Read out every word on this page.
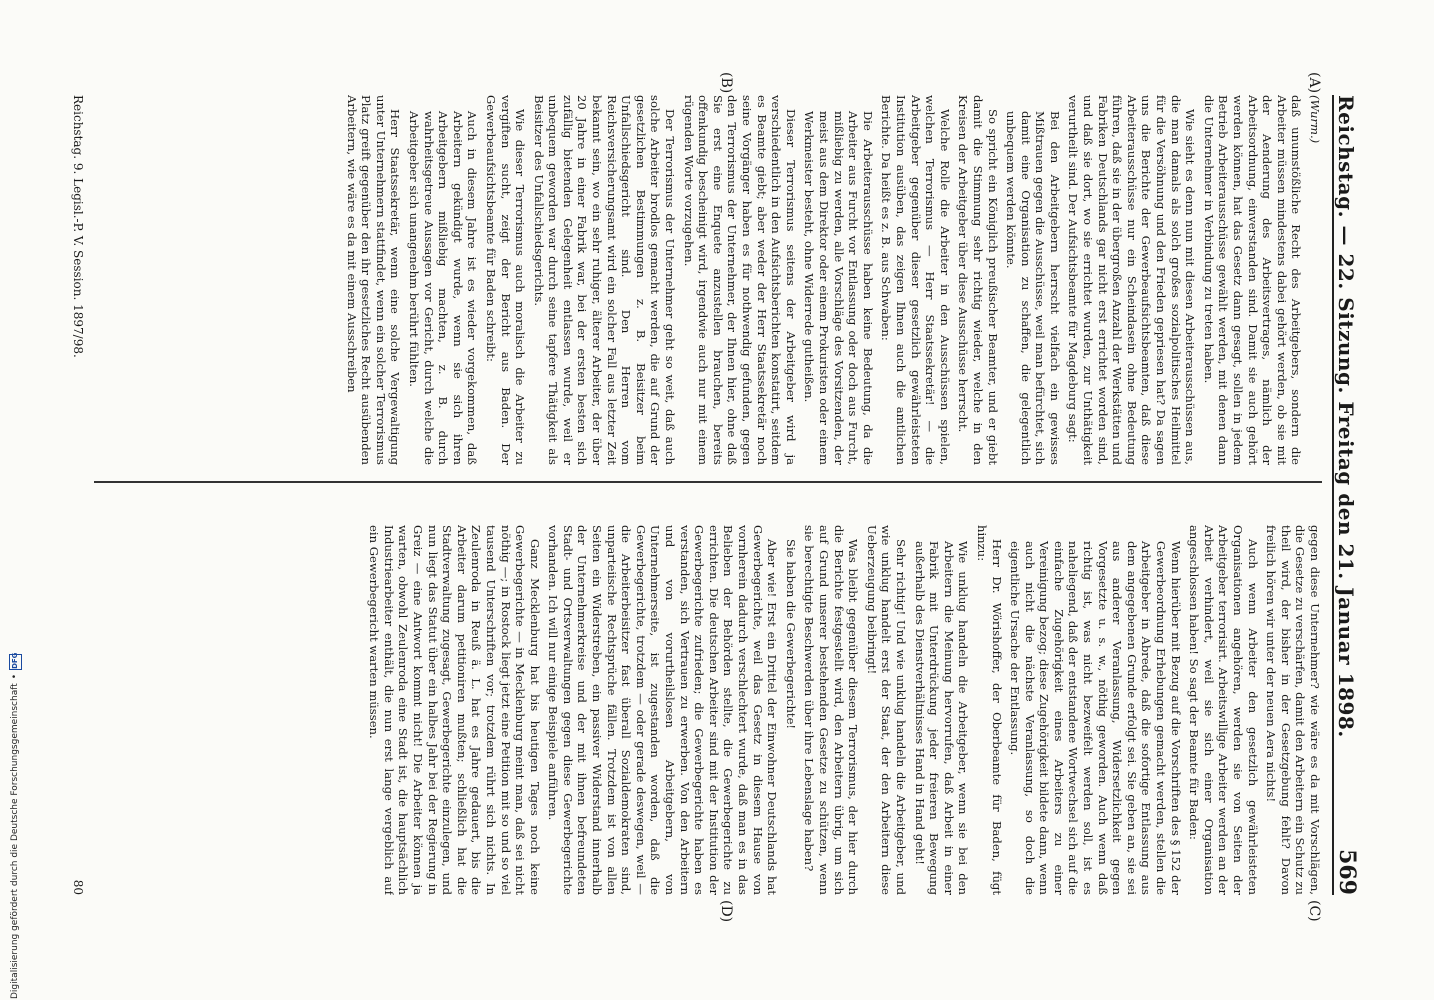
Reichstag. — 22. Sitzung. Freitag den 21. Januar 1898.
569
(A)
(B)
(C)
(D)

(Wurm.)

daß unumstößliche Recht des Arbeitgebers, sondern die Arbeiter müssen mindestens dabei gehört werden, ob sie mit der Aenderung des Arbeitsvertrages, nämlich der Arbeitsordnung, einverstanden sind. Damit sie auch gehört werden können, hat das Gesetz dann gesagt, sollen in jedem Betrieb Arbeiterausschüsse gewählt werden, mit denen dann die Unternehmer in Verbindung zu treten haben.

Wie sieht es denn nun mit diesen Arbeiterausschüssen aus, die man damals als solch großes sozialpolitisches Heilmittel für die Versöhnung und den Frieden gepriesen hat? Da sagen uns die Berichte der Gewerbeaufsichtsbeamten, daß diese Arbeiterausschüsse nur ein Scheindasein ohne Bedeutung führen, daß sie in der übergroßen Anzahl der Werkstätten und Fabriken Deutschlands gar nicht erst errichtet worden sind, und daß sie dort, wo sie errichtet wurden, zur Unthätigkeit verurtheilt sind. Der Aufsichtsbeamte für Magdeburg sagt:

Bei den Arbeitgebern herrscht vielfach ein gewisses Mißtrauen gegen die Ausschüsse, weil man befürchtet, sich damit eine Organisation zu schaffen, die gelegentlich unbequem werden könnte.

So spricht ein Königlich preußischer Beamter, und er giebt damit die Stimmung sehr richtig wieder, welche in den Kreisen der Arbeitgeber über diese Ausschüsse herrscht.

Welche Rolle die Arbeiter in den Ausschüssen spielen, welchen Terrorismus — Herr Staatssekretär! — die Arbeitgeber gegenüber dieser gesetzlich gewährleisteten Institution ausüben, das zeigen Ihnen auch die amtlichen Berichte. Da heißt es z. B. aus Schwaben:

Die Arbeiterausschüsse haben keine Bedeutung, da die Arbeiter aus Furcht vor Entlassung oder doch aus Furcht, mißliebig zu werden, alle Vorschläge des Vorsitzenden, der meist aus dem Direktor oder einem Prokuristen oder einem Werkmeister besteht, ohne Widerrede gutheißen.

Dieser Terrorismus seitens der Arbeitgeber wird ja verschiedentlich in den Aufsichtsberichten konstatirt, seitdem es Beamte giebt; aber weder der Herr Staatssekretär noch seine Vorgänger haben es für nothwendig gefunden, gegen den Terrorismus der Unternehmer, der Ihnen hier, ohne daß Sie erst eine Enquete anzustellen brauchen, bereits offenkundig bescheinigt wird, irgendwie auch nur mit einem rügenden Worte vorzugehen.

Der Terrorismus der Unternehmer geht so weit, daß auch solche Arbeiter brodlos gemacht werden, die auf Grund der gesetzlichen Bestimmungen z. B. Beisitzer beim Unfallschiedsgericht sind. Den Herren vom Reichsversicherungsamt wird ein solcher Fall aus letzter Zeit bekannt sein, wo ein sehr ruhiger, älterer Arbeiter, der über 20 Jahre in einer Fabrik war, bei der ersten besten sich zufällig bietenden Gelegenheit entlassen wurde, weil er unbequem geworden war durch seine tapfere Thätigkeit als Beisitzer des Unfallschiedsgerichts.

Wie dieser Terrorismus auch moralisch die Arbeiter zu vergiften sucht, zeigt der Bericht aus Baden. Der Gewerbeaufsichtsbeamte für Baden schreibt:

Auch in diesem Jahre ist es wieder vorgekommen, daß Arbeitern gekündigt wurde, wenn sie sich ihren Arbeitgebern mißliebig machten, z. B. durch wahrheitsgetreue Aussagen vor Gericht, durch welche die Arbeitgeber sich unangenehm berührt fühlten.

Herr Staatssekretär, wenn eine solche Vergewaltigung unter Unternehmern stattfindet, wenn ein solcher Terrorismus Platz greift gegenüber den ihr gesetzliches Recht ausübenden Arbeitern, wie wäre es da mit einem Ausschreiben

gegen diese Unternehmer? wie wäre es da mit Vorschlägen, die Gesetze zu verschärfen, damit den Arbeitern ein Schutz zu theil wird, der bisher in der Gesetzgebung fehlt? Davon freilich hören wir unter der neuen Aera nichts!

Auch wenn Arbeiter den gesetzlich gewährleisteten Organisationen angehören, werden sie von Seiten der Arbeitgeber terrorisirt. Arbeitswillige Arbeiter werden an der Arbeit verhindert, weil sie sich einer Organisation angeschlossen haben! So sagt der Beamte für Baden:

Wenn hierüber mit Bezug auf die Vorschriften des § 152 der Gewerbeordnung Erhebungen gemacht werden, stellen die Arbeitgeber in Abrede, daß die sofortige Entlassung aus dem angegebenen Grunde erfolgt sei. Sie geben an, sie sei aus anderer Veranlassung, Widersetzlichkeit gegen Vorgesetzte u. s. w., nöthig geworden. Auch wenn daß richtig ist, was nicht bezweifelt werden soll, ist es naheliegend, daß der entstandene Wortwechsel sich auf die einfache Zugehörigkeit eines Arbeiters zu einer Vereinigung bezog; diese Zugehörigkeit bildete dann, wenn auch nicht die nächste Veranlassung, so doch die eigentliche Ursache der Entlassung.

Herr Dr. Wörishoffer, der Oberbeamte für Baden, fügt hinzu:

Wie unklug handeln die Arbeitgeber, wenn sie bei den Arbeitern die Meinung hervorrufen, daß Arbeit in einer Fabrik mit Unterdrückung jeder freieren Bewegung außerhalb des Dienstverhältnisses Hand in Hand geht!

Sehr richtig! Und wie unklug handeln die Arbeitgeber, und wie unklug handelt erst der Staat, der den Arbeitern diese Ueberzeugung beibringt!

Was bleibt gegenüber diesem Terrorismus, der hier durch die Berichte festgestellt wird, den Arbeitern übrig, um sich auf Grund unserer bestehenden Gesetze zu schützen, wenn sie berechtigte Beschwerden über ihre Lebenslage haben?

Sie haben die Gewerbegerichte!

Aber wie! Erst ein Drittel der Einwohner Deutschlands hat Gewerbegerichte, weil das Gesetz in diesem Hause von vornherein dadurch verschlechtert wurde, daß man es in das Belieben der Behörden stellte, die Gewerbegerichte zu errichten. Die deutschen Arbeiter sind mit der Institution der Gewerbegerichte zufrieden; die Gewerbegerichte haben es verstanden, sich Vertrauen zu erwerben. Von den Arbeitern und von vorurtheilslosen Arbeitgebern, von Unternehmerseite, ist zugestanden worden, daß die Gewerbegerichte, trotzdem — oder gerade deswegen, weil — die Arbeiterbeisitzer fast überall Sozialdemokraten sind, unparteiische Rechtsprüche fällen. Trotzdem ist von allen Seiten ein Widerstreben, ein passiver Widerstand innerhalb der Unternehmerkreise und der mit ihnen befreundeten Stadt- und Ortsverwaltungen gegen diese Gewerbegerichte vorhanden. Ich will nur einige Beispiele anführen.

Ganz Mecklenburg hat bis heutigen Tages noch keine Gewerbegerichte — in Mecklenburg meint man, daß sei nicht nöthig —; in Rostock liegt jetzt eine Petition mit so und so viel tausend Unterschriften vor; trotzdem rührt sich nichts. In Zeulenroda in Reuß ä. L. hat es Jahre gedauert, bis die Arbeiter darum petitioniren mußten; schließlich hat die Stadtverwaltung zugesagt, Gewerbegerichte einzulegen, und nun liegt das Statut über ein halbes Jahr bei der Regierung in Greiz — eine Antwort kommt nicht! Die Arbeiter können ja warten, obwohl Zeulenroda eine Stadt ist, die hauptsächlich Industriearbeiter enthält, die nun erst lange vergeblich auf ein Gewerbegericht warten müssen.

Reichstag. 9. Legisl.-P. V. Session. 1897/98.
80
Digitalisierung gefördert durch die Deutsche Forschungsgemeinschaft
•
DFG
